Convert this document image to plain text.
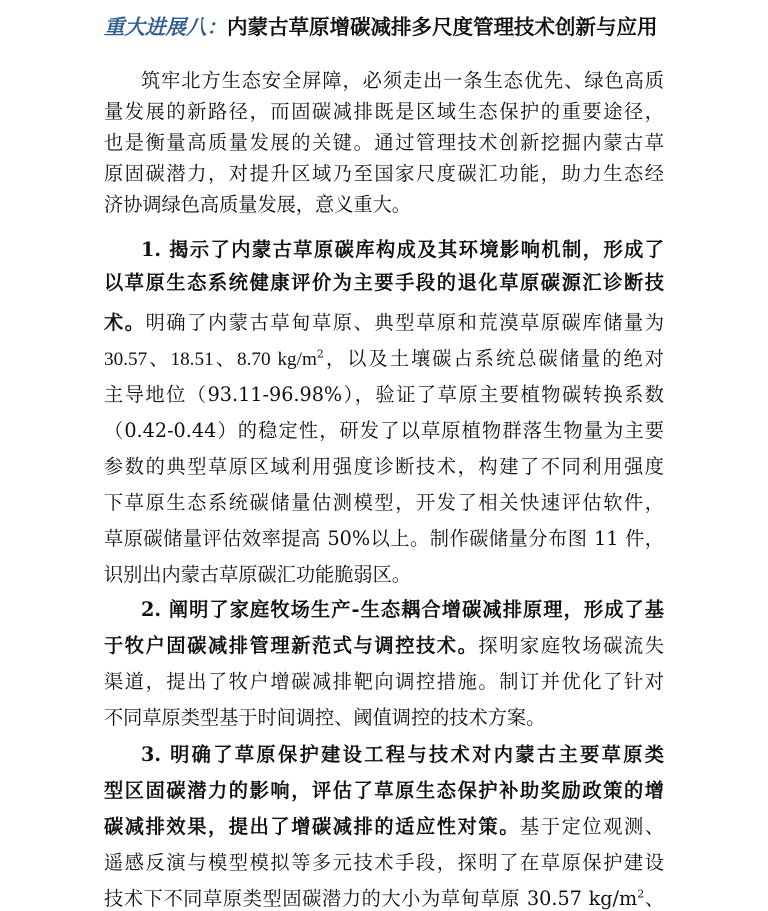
重大进展八：内蒙古草原增碳减排多尺度管理技术创新与应用
筑牢北方生态安全屏障，必须走出一条生态优先、绿色高质
量发展的新路径，而固碳减排既是区域生态保护的重要途径，
也是衡量高质量发展的关键。通过管理技术创新挖掘内蒙古草
原固碳潜力，对提升区域乃至国家尺度碳汇功能，助力生态经
济协调绿色高质量发展，意义重大。
1. 揭示了内蒙古草原碳库构成及其环境影响机制，形成了
以草原生态系统健康评价为主要手段的退化草原碳源汇诊断技
术。明确了内蒙古草甸草原、典型草原和荒漠草原碳库储量为
30.57、18.51、8.70 $kg/m^2$，以及土壤碳占系统总碳储量的绝对
主导地位（93.11-96.98%），验证了草原主要植物碳转换系数
（0.42-0.44）的稳定性，研发了以草原植物群落生物量为主要
参数的典型草原区域利用强度诊断技术，构建了不同利用强度
下草原生态系统碳储量估测模型，开发了相关快速评估软件，
草原碳储量评估效率提高 50%以上。制作碳储量分布图 11 件，
识别出内蒙古草原碳汇功能脆弱区。
2. 阐明了家庭牧场生产-生态耦合增碳减排原理，形成了基
于牧户固碳减排管理新范式与调控技术。探明家庭牧场碳流失
渠道，提出了牧户增碳减排靶向调控措施。制订并优化了针对
不同草原类型基于时间调控、阈值调控的技术方案。
3. 明确了草原保护建设工程与技术对内蒙古主要草原类
型区固碳潜力的影响，评估了草原生态保护补助奖励政策的增
碳减排效果，提出了增碳减排的适应性对策。基于定位观测、
遥感反演与模型模拟等多元技术手段，探明了在草原保护建设
技术下不同草原类型固碳潜力的大小为草甸草原 30.57 $kg/m^2$、
